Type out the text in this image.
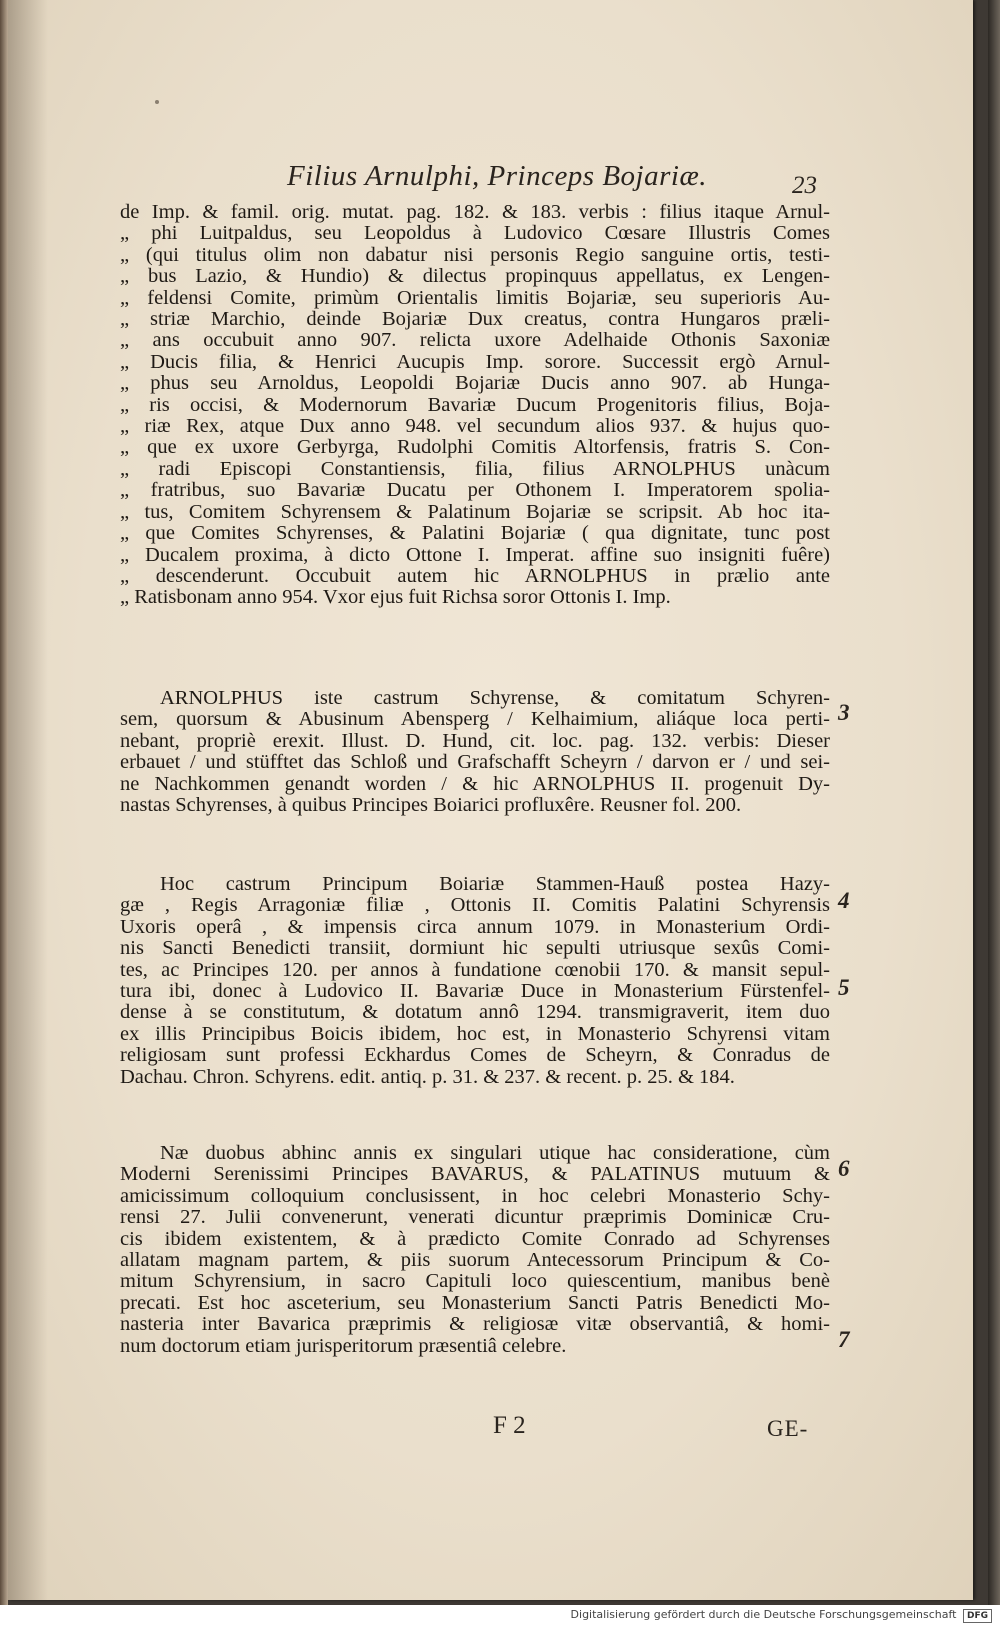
Filius Arnulphi, Princeps Bojariæ.	23
de Imp. & famil. orig. mutat. pag. 182. & 183. verbis : filius itaque Arnul-
„ phi Luitpaldus, seu Leopoldus à Ludovico Cœsare Illustris Comes
„ (qui titulus olim non dabatur nisi personis Regio sanguine ortis, testi-
„ bus Lazio, & Hundio) & dilectus propinquus appellatus, ex Lengen-
„ feldensi Comite, primùm Orientalis limitis Bojariæ, seu superioris Au-
„ striæ Marchio, deinde Bojariæ Dux creatus, contra Hungaros præli-
„ ans occubuit anno 907. relicta uxore Adelhaide Othonis Saxoniæ
„ Ducis filia, & Henrici Aucupis Imp. sorore. Successit ergò Arnul-
„ phus seu Arnoldus, Leopoldi Bojariæ Ducis anno 907. ab Hunga-
„ ris occisi, & Modernorum Bavariæ Ducum Progenitoris filius, Boja-
„ riæ Rex, atque Dux anno 948. vel secundum alios 937. & hujus quo-
„ que ex uxore Gerbyrga, Rudolphi Comitis Altorfensis, fratris S. Con-
„ radi Episcopi Constantiensis, filia, filius ARNOLPHUS unàcum
„ fratribus, suo Bavariæ Ducatu per Othonem I. Imperatorem spolia-
„ tus, Comitem Schyrensem & Palatinum Bojariæ se scripsit. Ab hoc ita-
„ que Comites Schyrenses, & Palatini Bojariæ ( qua dignitate, tunc post
„ Ducalem proxima, à dicto Ottone I. Imperat. affine suo insigniti fuêre)
„ descenderunt. Occubuit autem hic ARNOLPHUS in prælio ante
„ Ratisbonam anno 954. Vxor ejus fuit Richsa soror Ottonis I. Imp.
ARNOLPHUS iste castrum Schyrense, & comitatum Schyren-
sem, quorsum & Abusinum Abensperg / Kelhaimium, aliáque loca perti-
nebant, propriè erexit. Illust. D. Hund, cit. loc. pag. 132. verbis: Dieser
erbauet / und stüfftet das Schloß und Grafschafft Scheyrn / darvon er / und sei-
ne Nachkommen genandt worden / & hic ARNOLPHUS II. progenuit Dy-
nastas Schyrenses, à quibus Principes Boiarici profluxêre. Reusner fol. 200.
3
Hoc castrum Principum Boiariæ Stammen-Hauß postea Hazy-
gæ , Regis Arragoniæ filiæ , Ottonis II. Comitis Palatini Schyrensis
Uxoris operâ , & impensis circa annum 1079. in Monasterium Ordi-
nis Sancti Benedicti transiit, dormiunt hic sepulti utriusque sexûs Comi-
tes, ac Principes 120. per annos à fundatione cœnobii 170. & mansit sepul-
tura ibi, donec à Ludovico II. Bavariæ Duce in Monasterium Fürstenfel-
dense à se constitutum, & dotatum annô 1294. transmigraverit, item duo
ex illis Principibus Boicis ibidem, hoc est, in Monasterio Schyrensi vitam
religiosam sunt professi Eckhardus Comes de Scheyrn, & Conradus de
Dachau. Chron. Schyrens. edit. antiq. p. 31. & 237. & recent. p. 25. & 184.
4
5
Næ duobus abhinc annis ex singulari utique hac consideratione, cùm
Moderni Serenissimi Principes BAVARUS, & PALATINUS mutuum &
amicissimum colloquium conclusissent, in hoc celebri Monasterio Schy-
rensi 27. Julii convenerunt, venerati dicuntur præprimis Dominicæ Cru-
cis ibidem existentem, & à prædicto Comite Conrado ad Schyrenses
allatam magnam partem, & piis suorum Antecessorum Principum & Co-
mitum Schyrensium, in sacro Capituli loco quiescentium, manibus benè
precati. Est hoc asceterium, seu Monasterium Sancti Patris Benedicti Mo-
nasteria inter Bavarica præprimis & religiosæ vitæ observantiâ, & homi-
num doctorum etiam jurisperitorum præsentiâ celebre.
6
7
F 2	GE-
Digitalisierung gefördert durch die Deutsche Forschungsgemeinschaft DFG
